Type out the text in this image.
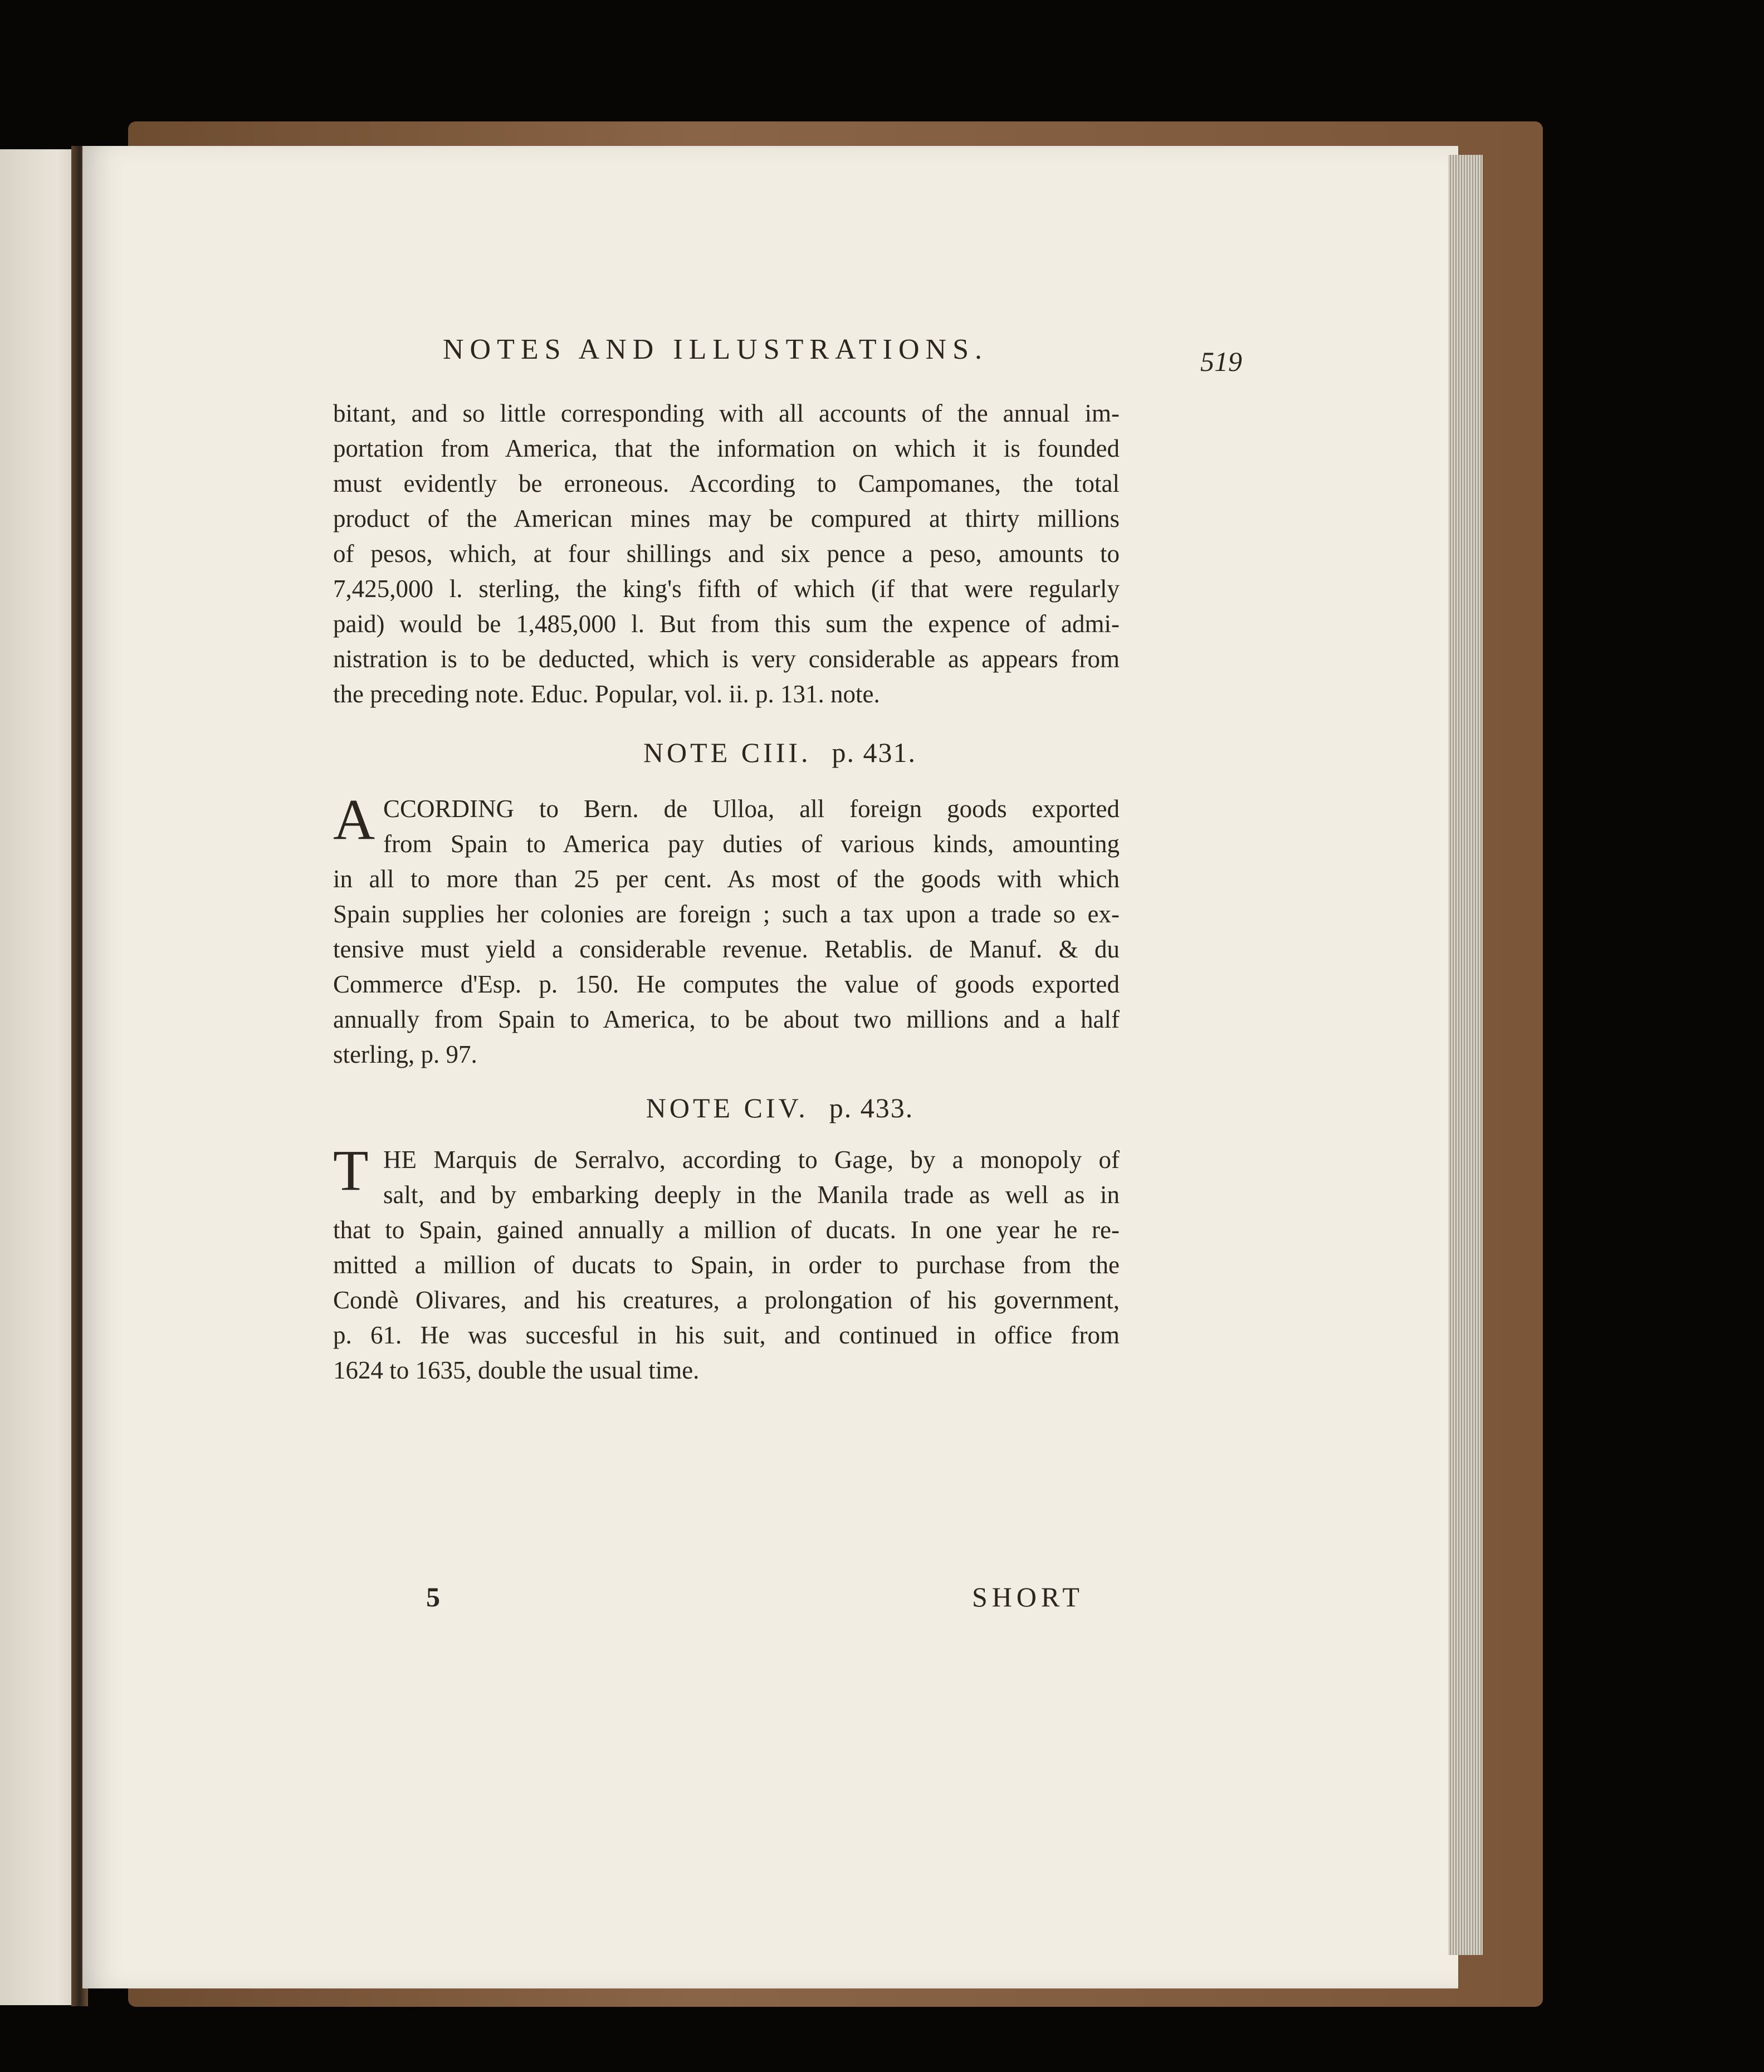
NOTES AND ILLUSTRATIONS.	519
bitant, and so little corresponding with all accounts of the annual im-
portation from America, that the information on which it is founded
must evidently be erroneous. According to Campomanes, the total
product of the American mines may be compured at thirty millions
of pesos, which, at four shillings and six pence a peso, amounts to
7,425,000 l. sterling, the king's fifth of which (if that were regularly
paid) would be 1,485,000 l. But from this sum the expence of admi-
nistration is to be deducted, which is very considerable as appears from
the preceding note. Educ. Popular, vol. ii. p. 131. note.
NOTE CIII. p. 431.
A CCORDING to Bern. de Ulloa, all foreign goods exported
from Spain to America pay duties of various kinds, amounting
in all to more than 25 per cent. As most of the goods with which
Spain supplies her colonies are foreign ; such a tax upon a trade so ex-
tensive must yield a considerable revenue. Retablis. de Manuf. & du
Commerce d'Esp. p. 150. He computes the value of goods exported
annually from Spain to America, to be about two millions and a half
sterling, p. 97.
NOTE CIV. p. 433.
T HE Marquis de Serralvo, according to Gage, by a monopoly of
salt, and by embarking deeply in the Manila trade as well as in
that to Spain, gained annually a million of ducats. In one year he re-
mitted a million of ducats to Spain, in order to purchase from the
Condè Olivares, and his creatures, a prolongation of his government,
p. 61. He was succesful in his suit, and continued in office from
1624 to 1635, double the usual time.
5	SHORT
